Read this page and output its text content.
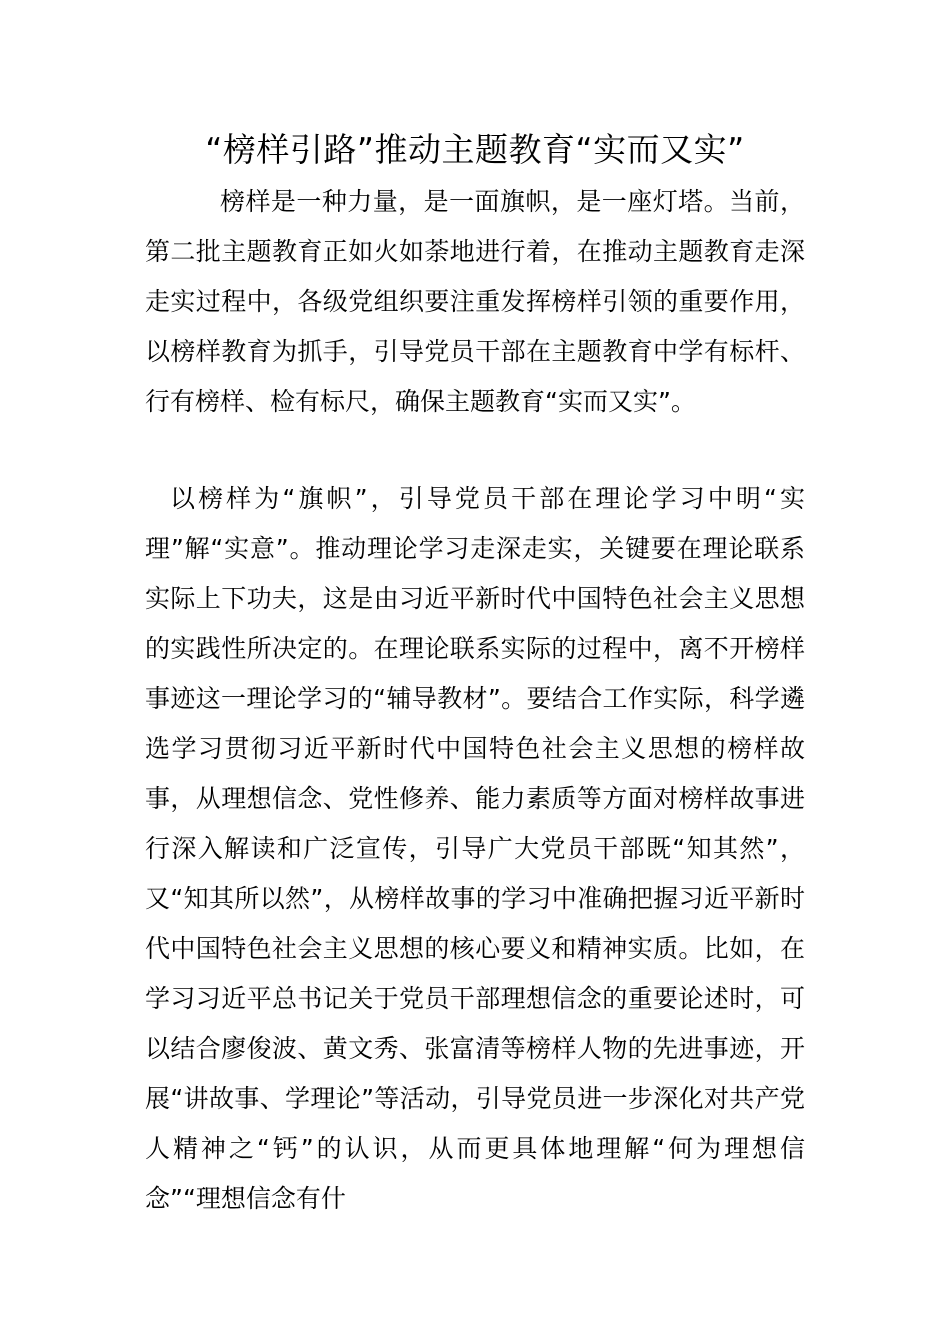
“榜样引路”推动主题教育“实而又实”

榜样是一种力量，是一面旗帜，是一座灯塔。当前，第二批主题教育正如火如荼地进行着，在推动主题教育走深走实过程中，各级党组织要注重发挥榜样引领的重要作用，以榜样教育为抓手，引导党员干部在主题教育中学有标杆、行有榜样、检有标尺，确保主题教育“实而又实”。

以榜样为“旗帜”，引导党员干部在理论学习中明“实理”解“实意”。推动理论学习走深走实，关键要在理论联系实际上下功夫，这是由习近平新时代中国特色社会主义思想的实践性所决定的。在理论联系实际的过程中，离不开榜样事迹这一理论学习的“辅导教材”。要结合工作实际，科学遴选学习贯彻习近平新时代中国特色社会主义思想的榜样故事，从理想信念、党性修养、能力素质等方面对榜样故事进行深入解读和广泛宣传，引导广大党员干部既“知其然”，又“知其所以然”，从榜样故事的学习中准确把握习近平新时代中国特色社会主义思想的核心要义和精神实质。比如，在学习习近平总书记关于党员干部理想信念的重要论述时，可以结合廖俊波、黄文秀、张富清等榜样人物的先进事迹，开展“讲故事、学理论”等活动，引导党员进一步深化对共产党人精神之“钙”的认识，从而更具体地理解“何为理想信念”“理想信念有什
